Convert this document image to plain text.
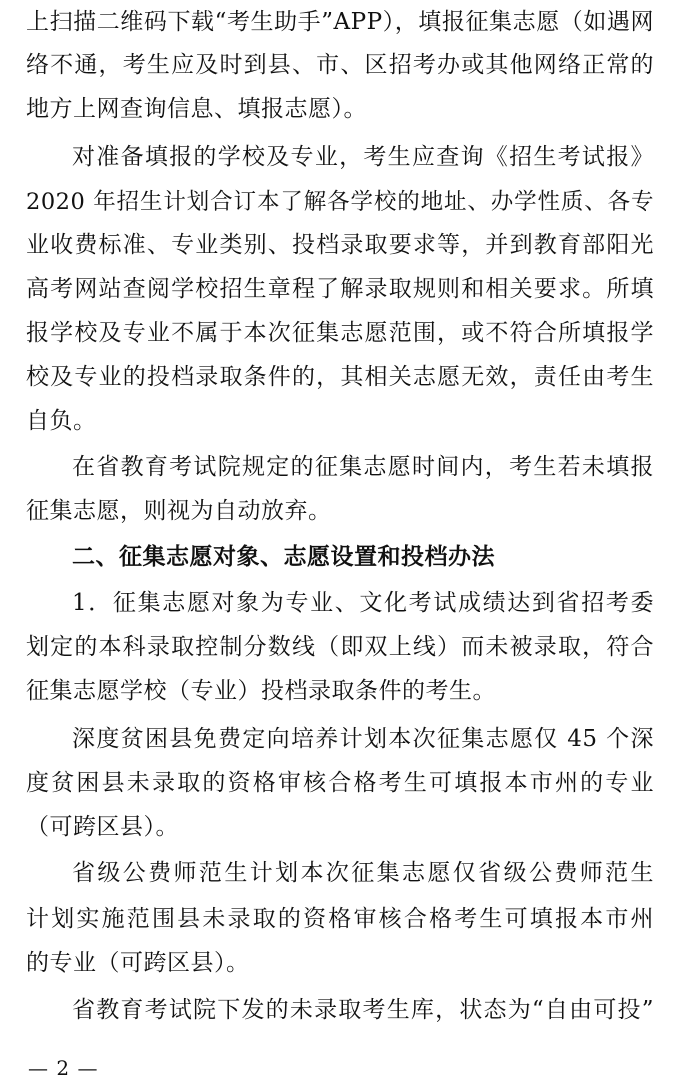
上扫描二维码下载“考生助手”APP），填报征集志愿（如遇网
络不通，考生应及时到县、市、区招考办或其他网络正常的
地方上网查询信息、填报志愿）。
对准备填报的学校及专业，考生应查询《招生考试报》
2020 年招生计划合订本了解各学校的地址、办学性质、各专
业收费标准、专业类别、投档录取要求等，并到教育部阳光
高考网站查阅学校招生章程了解录取规则和相关要求。所填
报学校及专业不属于本次征集志愿范围，或不符合所填报学
校及专业的投档录取条件的，其相关志愿无效，责任由考生
自负。
在省教育考试院规定的征集志愿时间内，考生若未填报
征集志愿，则视为自动放弃。
二、征集志愿对象、志愿设置和投档办法
1．征集志愿对象为专业、文化考试成绩达到省招考委
划定的本科录取控制分数线（即双上线）而未被录取，符合
征集志愿学校（专业）投档录取条件的考生。
深度贫困县免费定向培养计划本次征集志愿仅 45 个深
度贫困县未录取的资格审核合格考生可填报本市州的专业
（可跨区县）。
省级公费师范生计划本次征集志愿仅省级公费师范生
计划实施范围县未录取的资格审核合格考生可填报本市州
的专业（可跨区县）。
省教育考试院下发的未录取考生库，状态为“自由可投”
— 2 —
